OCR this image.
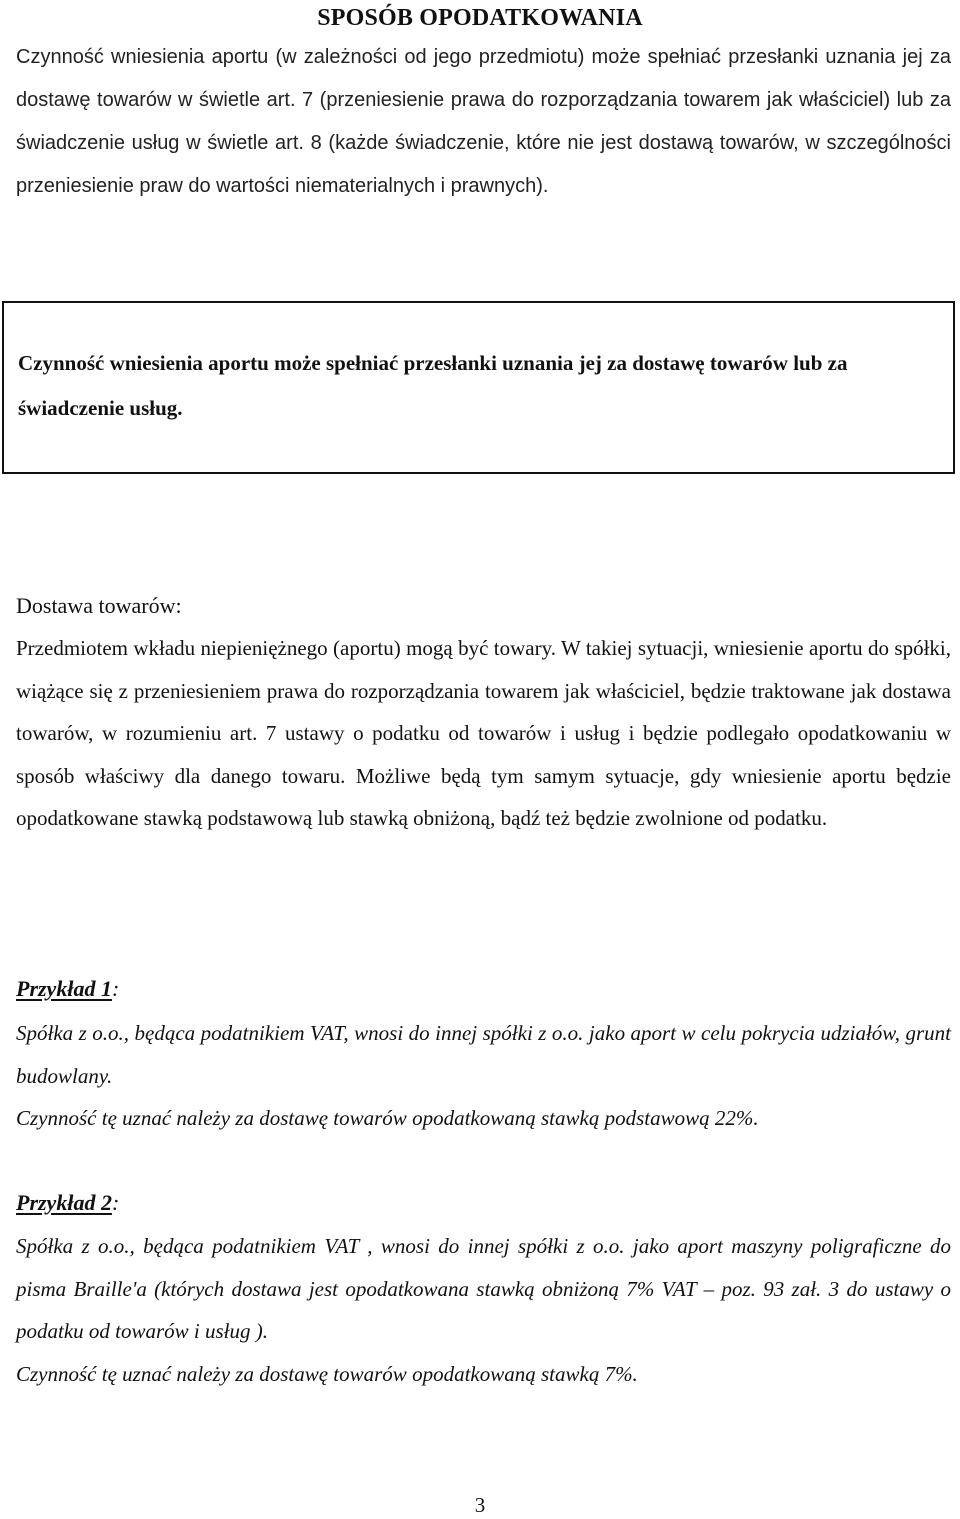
SPOSÓB OPODATKOWANIA

Czynność wniesienia aportu (w zależności od jego przedmiotu) może spełniać przesłanki uznania jej za dostawę towarów w świetle art. 7 (przeniesienie prawa do rozporządzania towarem jak właściciel) lub za świadczenie usług w świetle art. 8 (każde świadczenie, które nie jest dostawą towarów, w szczególności przeniesienie praw do wartości niematerialnych i prawnych).

Czynność wniesienia aportu może spełniać przesłanki uznania jej za dostawę towarów lub za świadczenie usług.

Dostawa towarów:

Przedmiotem wkładu niepieniężnego (aportu) mogą być towary. W takiej sytuacji, wniesienie aportu do spółki, wiążące się z przeniesieniem prawa do rozporządzania towarem jak właściciel, będzie traktowane jak dostawa towarów, w rozumieniu art. 7 ustawy o podatku od towarów i usług i będzie podlegało opodatkowaniu w sposób właściwy dla danego towaru. Możliwe będą tym samym sytuacje, gdy wniesienie aportu będzie opodatkowane stawką podstawową lub stawką obniżoną, bądź też będzie zwolnione od podatku.

Przykład 1:

Spółka z o.o., będąca podatnikiem VAT, wnosi do innej spółki z o.o. jako aport w celu pokrycia udziałów, grunt budowlany.

Czynność tę uznać należy za dostawę towarów opodatkowaną stawką podstawową 22%.

Przykład 2:

Spółka z o.o., będąca podatnikiem VAT , wnosi do innej spółki z o.o. jako aport maszyny poligraficzne do pisma Braille'a (których dostawa jest opodatkowana stawką obniżoną 7% VAT – poz. 93 zał. 3 do ustawy o podatku od towarów i usług ).

Czynność tę uznać należy za dostawę towarów opodatkowaną stawką 7%.

3
